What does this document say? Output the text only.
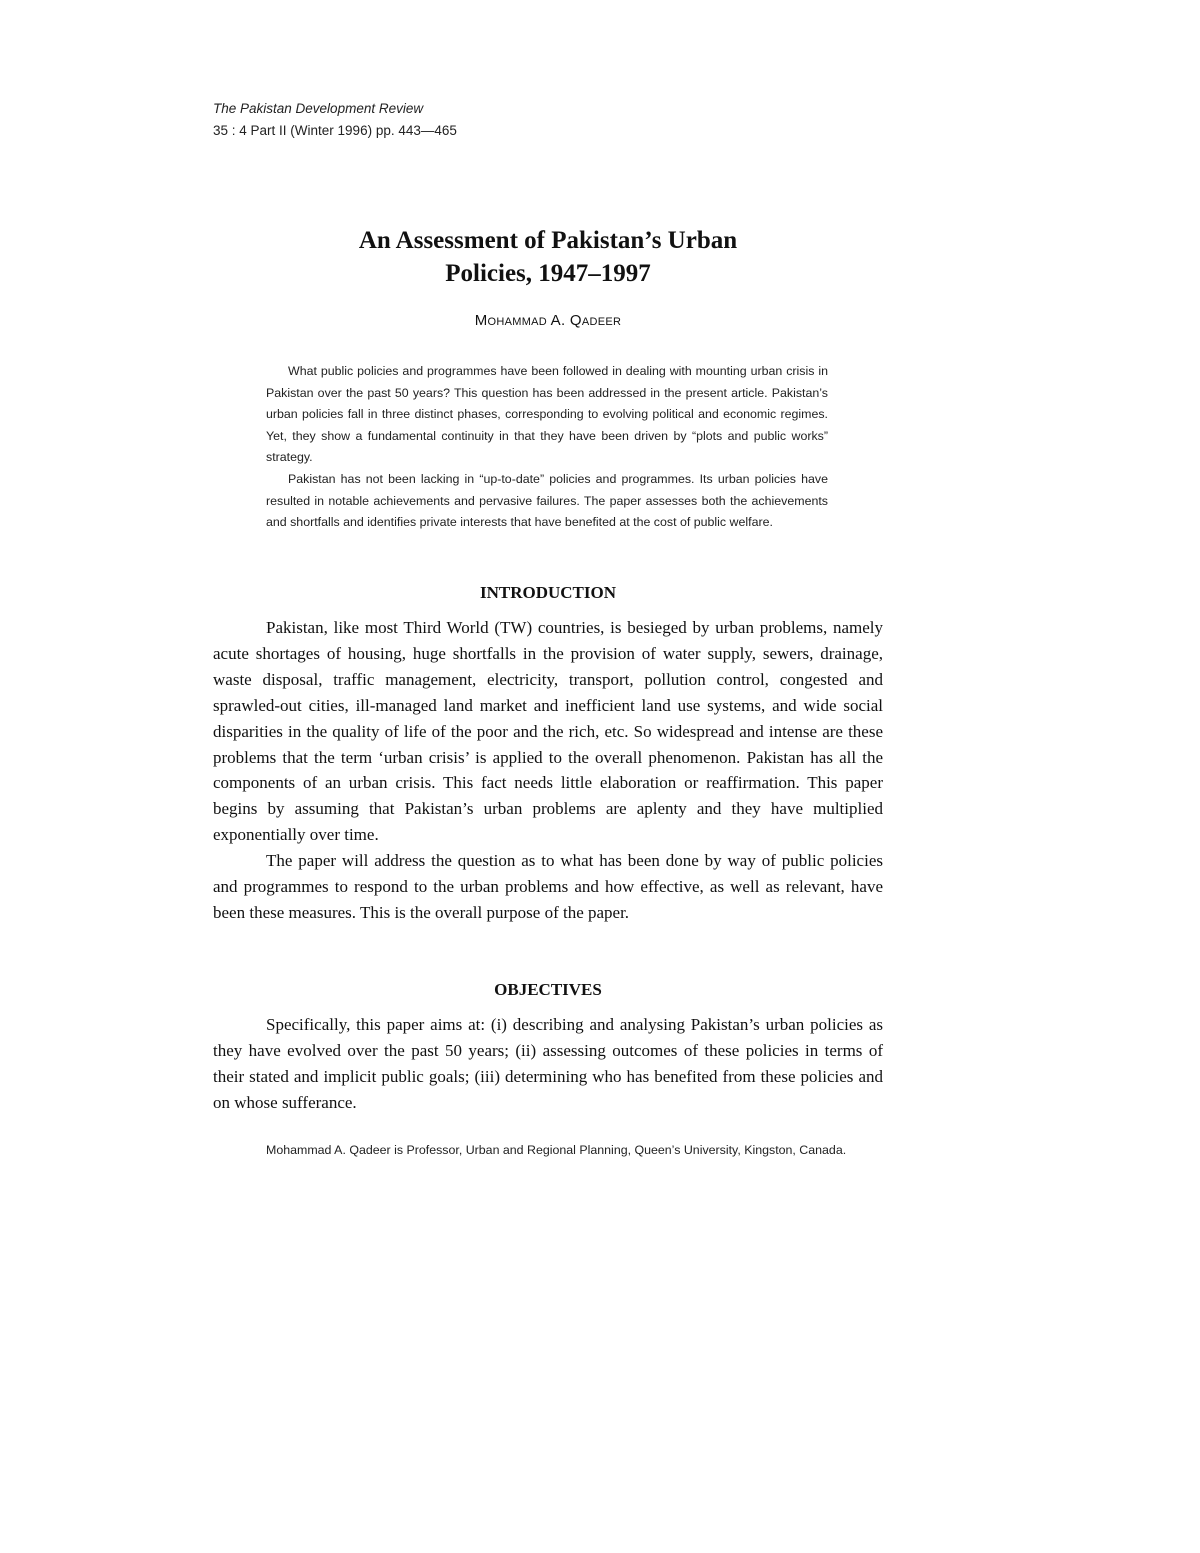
The Pakistan Development Review
35 : 4 Part II (Winter 1996) pp. 443—465
An Assessment of Pakistan’s Urban
Policies, 1947–1997
Mohammad A. Qadeer

What public policies and programmes have been followed in dealing with mounting urban crisis in Pakistan over the past 50 years? This question has been addressed in the present article. Pakistan’s urban policies fall in three distinct phases, corresponding to evolving political and economic regimes. Yet, they show a fundamental continuity in that they have been driven by “plots and public works” strategy.

Pakistan has not been lacking in “up-to-date” policies and programmes. Its urban policies have resulted in notable achievements and pervasive failures. The paper assesses both the achievements and shortfalls and identifies private interests that have benefited at the cost of public welfare.

INTRODUCTION

Pakistan, like most Third World (TW) countries, is besieged by urban problems, namely acute shortages of housing, huge shortfalls in the provision of water supply, sewers, drainage, waste disposal, traffic management, electricity, transport, pollution control, congested and sprawled-out cities, ill-managed land market and inefficient land use systems, and wide social disparities in the quality of life of the poor and the rich, etc. So widespread and intense are these problems that the term ‘urban crisis’ is applied to the overall phenomenon. Pakistan has all the components of an urban crisis. This fact needs little elaboration or reaffirmation. This paper begins by assuming that Pakistan’s urban problems are aplenty and they have multiplied exponentially over time.

The paper will address the question as to what has been done by way of public policies and programmes to respond to the urban problems and how effective, as well as relevant, have been these measures. This is the overall purpose of the paper.

OBJECTIVES

Specifically, this paper aims at: (i) describing and analysing Pakistan’s urban policies as they have evolved over the past 50 years; (ii) assessing outcomes of these policies in terms of their stated and implicit public goals; (iii) determining who has benefited from these policies and on whose sufferance.

Mohammad A. Qadeer is Professor, Urban and Regional Planning, Queen’s University, Kingston, Canada.
